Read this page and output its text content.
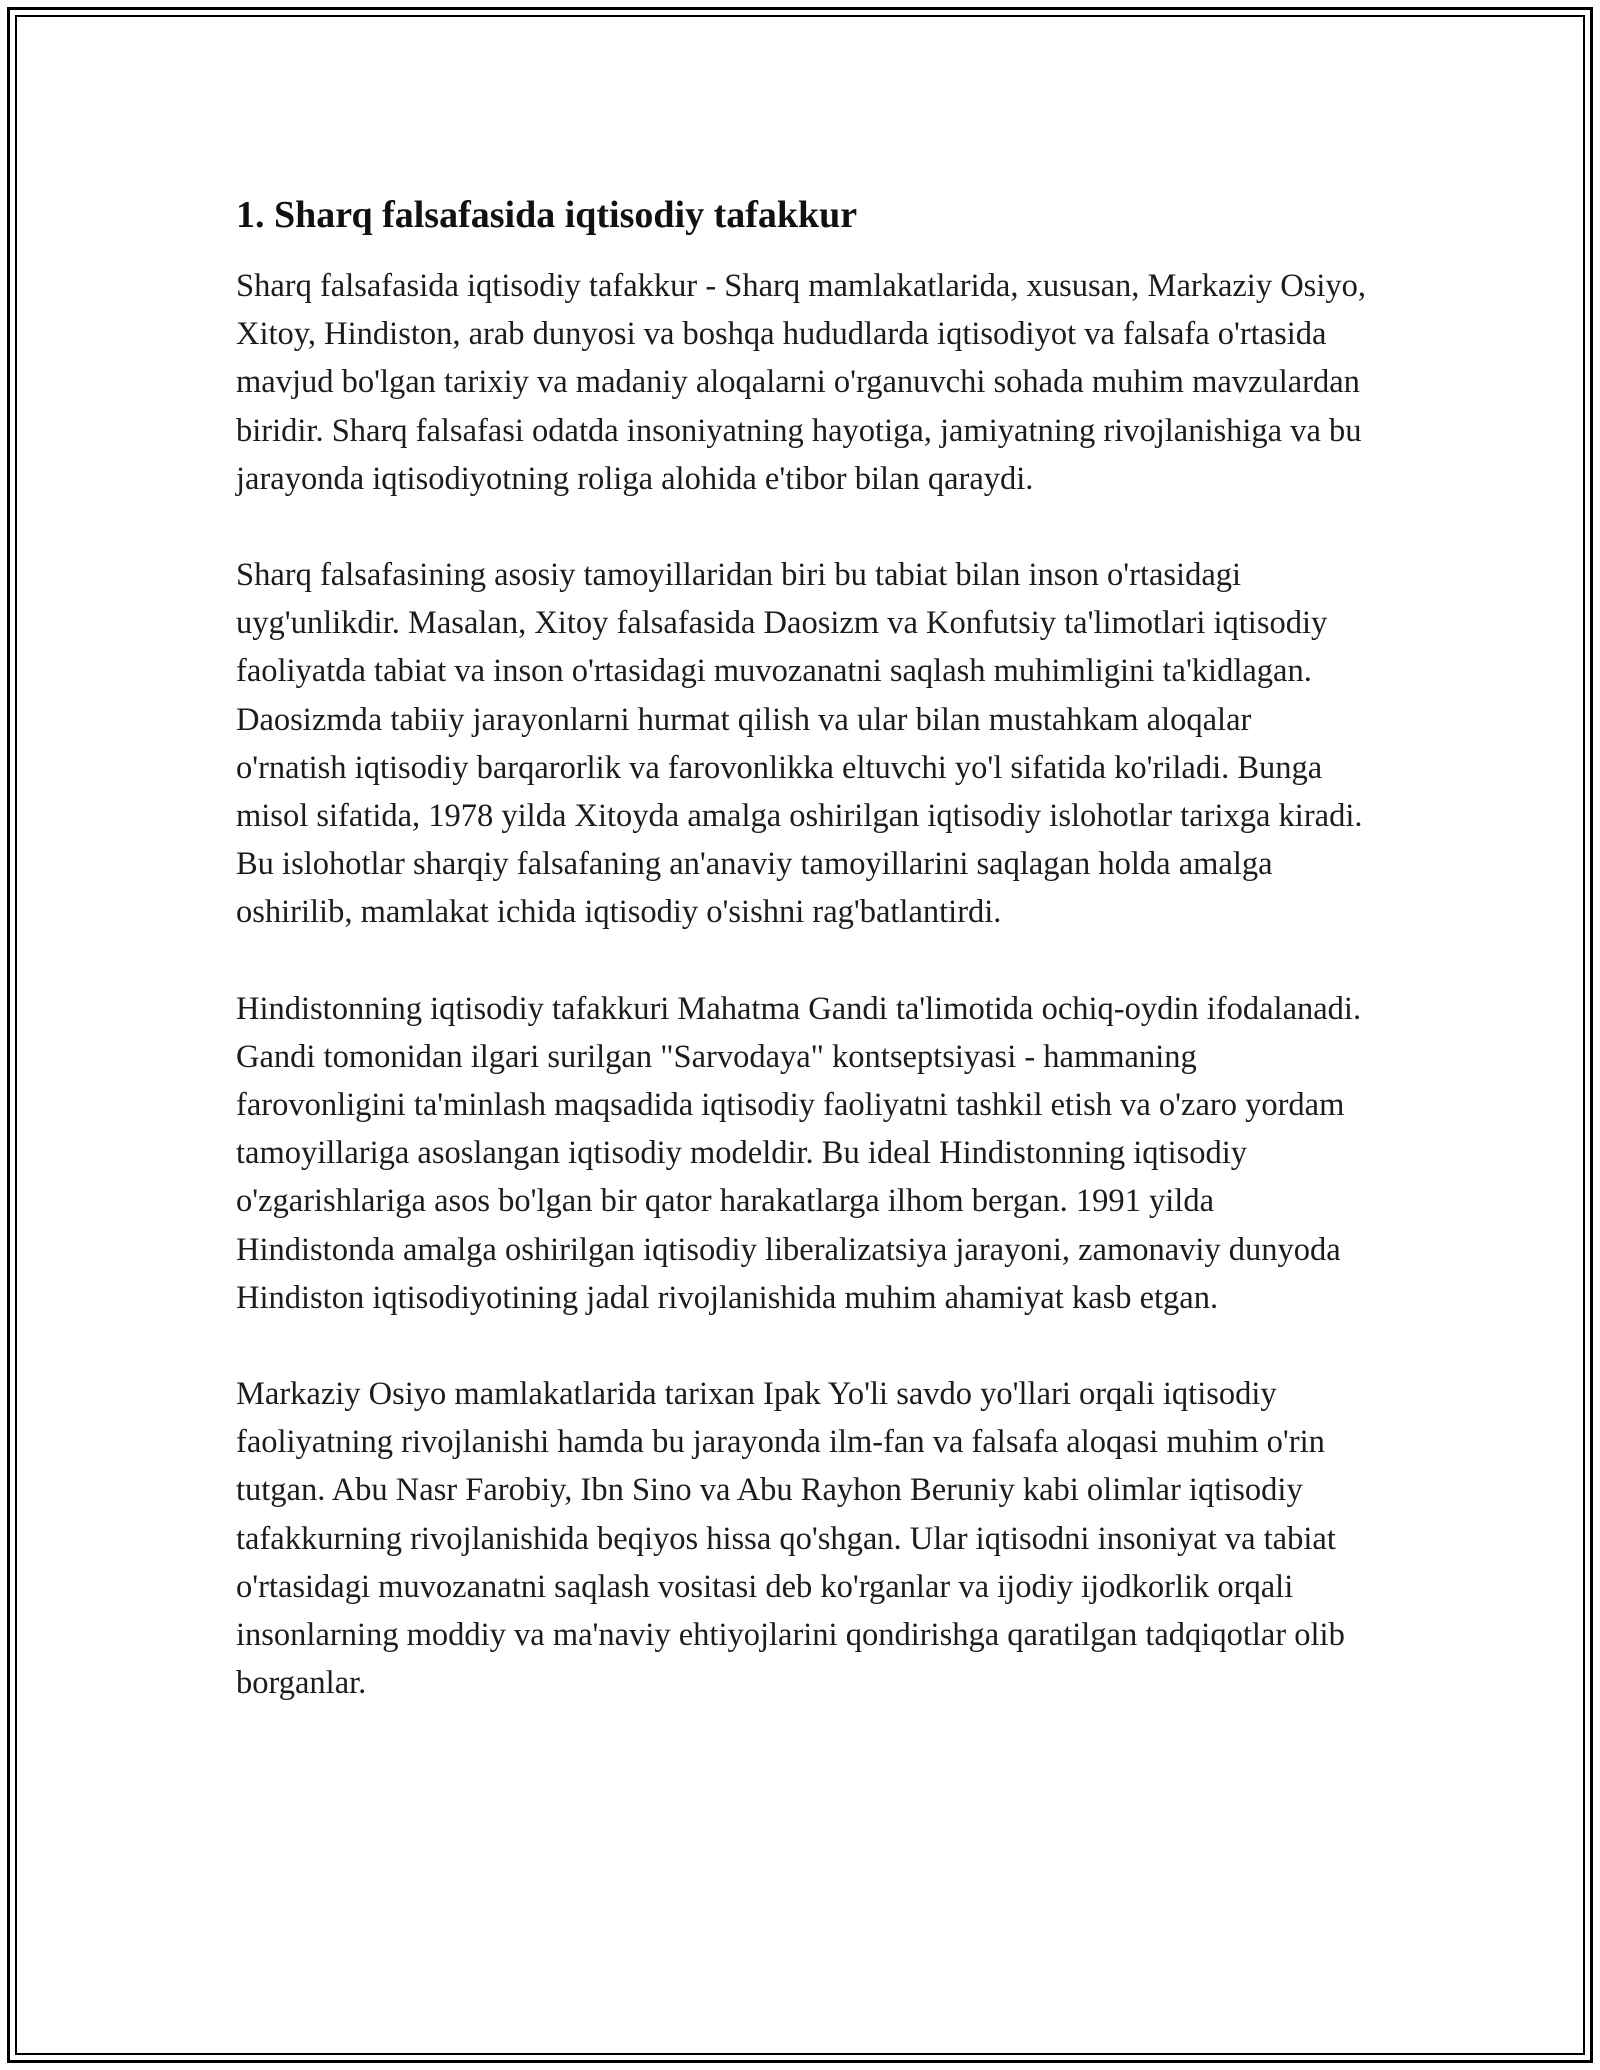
1. Sharq falsafasida iqtisodiy tafakkur

Sharq falsafasida iqtisodiy tafakkur - Sharq mamlakatlarida, xususan, Markaziy Osiyo, Xitoy, Hindiston, arab dunyosi va boshqa hududlarda iqtisodiyot va falsafa o'rtasida mavjud bo'lgan tarixiy va madaniy aloqalarni o'rganuvchi sohada muhim mavzulardan biridir. Sharq falsafasi odatda insoniyatning hayotiga, jamiyatning rivojlanishiga va bu jarayonda iqtisodiyotning roliga alohida e'tibor bilan qaraydi.

Sharq falsafasining asosiy tamoyillaridan biri bu tabiat bilan inson o'rtasidagi uyg'unlikdir. Masalan, Xitoy falsafasida Daosizm va Konfutsiy ta'limotlari iqtisodiy faoliyatda tabiat va inson o'rtasidagi muvozanatni saqlash muhimligini ta'kidlagan. Daosizmda tabiiy jarayonlarni hurmat qilish va ular bilan mustahkam aloqalar o'rnatish iqtisodiy barqarorlik va farovonlikka eltuvchi yo'l sifatida ko'riladi. Bunga misol sifatida, 1978 yilda Xitoyda amalga oshirilgan iqtisodiy islohotlar tarixga kiradi. Bu islohotlar sharqiy falsafaning an'anaviy tamoyillarini saqlagan holda amalga oshirilib, mamlakat ichida iqtisodiy o'sishni rag'batlantirdi.

Hindistonning iqtisodiy tafakkuri Mahatma Gandi ta'limotida ochiq-oydin ifodalanadi. Gandi tomonidan ilgari surilgan "Sarvodaya" kontseptsiyasi - hammaning farovonligini ta'minlash maqsadida iqtisodiy faoliyatni tashkil etish va o'zaro yordam tamoyillariga asoslangan iqtisodiy modeldir. Bu ideal Hindistonning iqtisodiy o'zgarishlariga asos bo'lgan bir qator harakatlarga ilhom bergan. 1991 yilda Hindistonda amalga oshirilgan iqtisodiy liberalizatsiya jarayoni, zamonaviy dunyoda Hindiston iqtisodiyotining jadal rivojlanishida muhim ahamiyat kasb etgan.

Markaziy Osiyo mamlakatlarida tarixan Ipak Yo'li savdo yo'llari orqali iqtisodiy faoliyatning rivojlanishi hamda bu jarayonda ilm-fan va falsafa aloqasi muhim o'rin tutgan. Abu Nasr Farobiy, Ibn Sino va Abu Rayhon Beruniy kabi olimlar iqtisodiy tafakkurning rivojlanishida beqiyos hissa qo'shgan. Ular iqtisodni insoniyat va tabiat o'rtasidagi muvozanatni saqlash vositasi deb ko'rganlar va ijodiy ijodkorlik orqali insonlarning moddiy va ma'naviy ehtiyojlarini qondirishga qaratilgan tadqiqotlar olib borganlar.
